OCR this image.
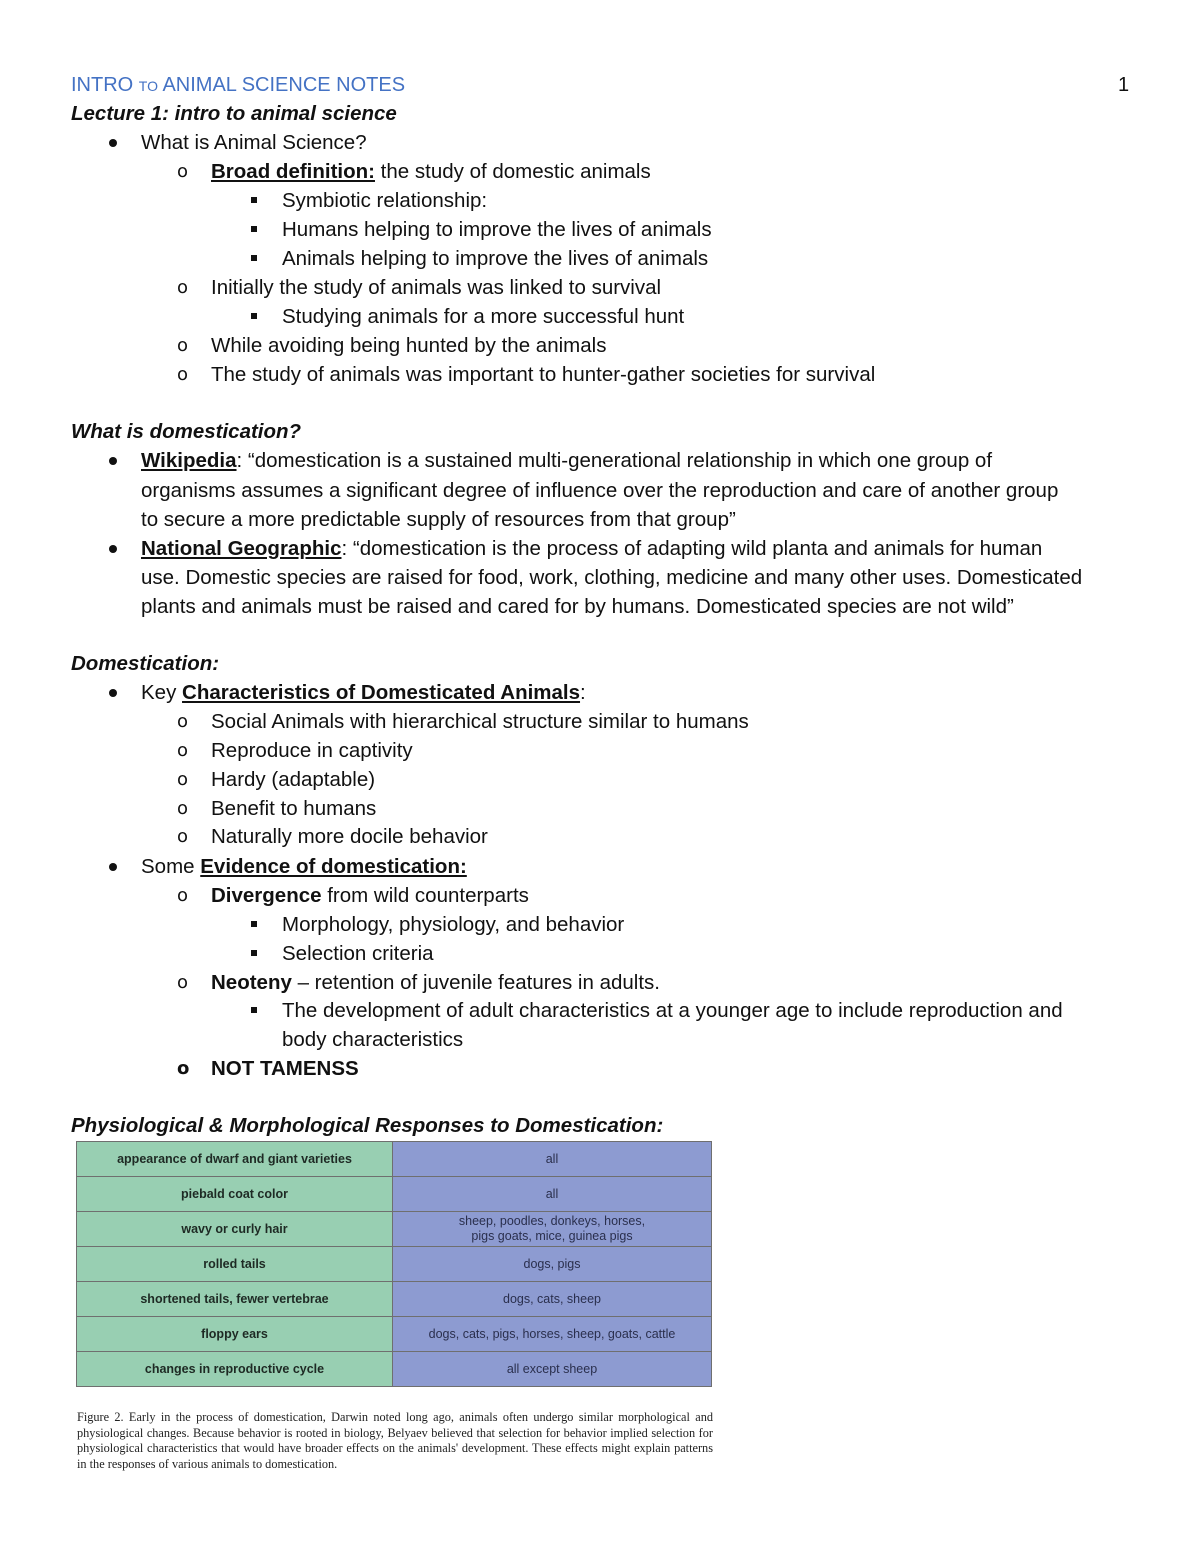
INTRO TO ANIMAL SCIENCE NOTES	1
Lecture 1: intro to animal science
What is Animal Science?
o Broad definition: the study of domestic animals
Symbiotic relationship:
Humans helping to improve the lives of animals
Animals helping to improve the lives of animals
o Initially the study of animals was linked to survival
Studying animals for a more successful hunt
o While avoiding being hunted by the animals
o The study of animals was important to hunter-gather societies for survival
What is domestication?
Wikipedia: “domestication is a sustained multi-generational relationship in which one group of
organisms assumes a significant degree of influence over the reproduction and care of another group
to secure a more predictable supply of resources from that group”
National Geographic: “domestication is the process of adapting wild planta and animals for human
use. Domestic species are raised for food, work, clothing, medicine and many other uses. Domesticated
plants and animals must be raised and cared for by humans. Domesticated species are not wild”
Domestication:
Key Characteristics of Domesticated Animals:
o Social Animals with hierarchical structure similar to humans
o Reproduce in captivity
o Hardy (adaptable)
o Benefit to humans
o Naturally more docile behavior
Some Evidence of domestication:
o Divergence from wild counterparts
Morphology, physiology, and behavior
Selection criteria
o Neoteny – retention of juvenile features in adults.
The development of adult characteristics at a younger age to include reproduction and
body characteristics
o NOT TAMENSS
Physiological & Morphological Responses to Domestication:
appearance of dwarf and giant varieties	all
piebald coat color	all
wavy or curly hair	sheep, poodles, donkeys, horses, pigs goats, mice, guinea pigs
rolled tails	dogs, pigs
shortened tails, fewer vertebrae	dogs, cats, sheep
floppy ears	dogs, cats, pigs, horses, sheep, goats, cattle
changes in reproductive cycle	all except sheep
Figure 2. Early in the process of domestication, Darwin noted long ago, animals often undergo similar morphological and physiological changes. Because behavior is rooted in biology, Belyaev believed that selection for behavior implied selection for physiological characteristics that would have broader effects on the animals' development. These effects might explain patterns in the responses of various animals to domestication.
